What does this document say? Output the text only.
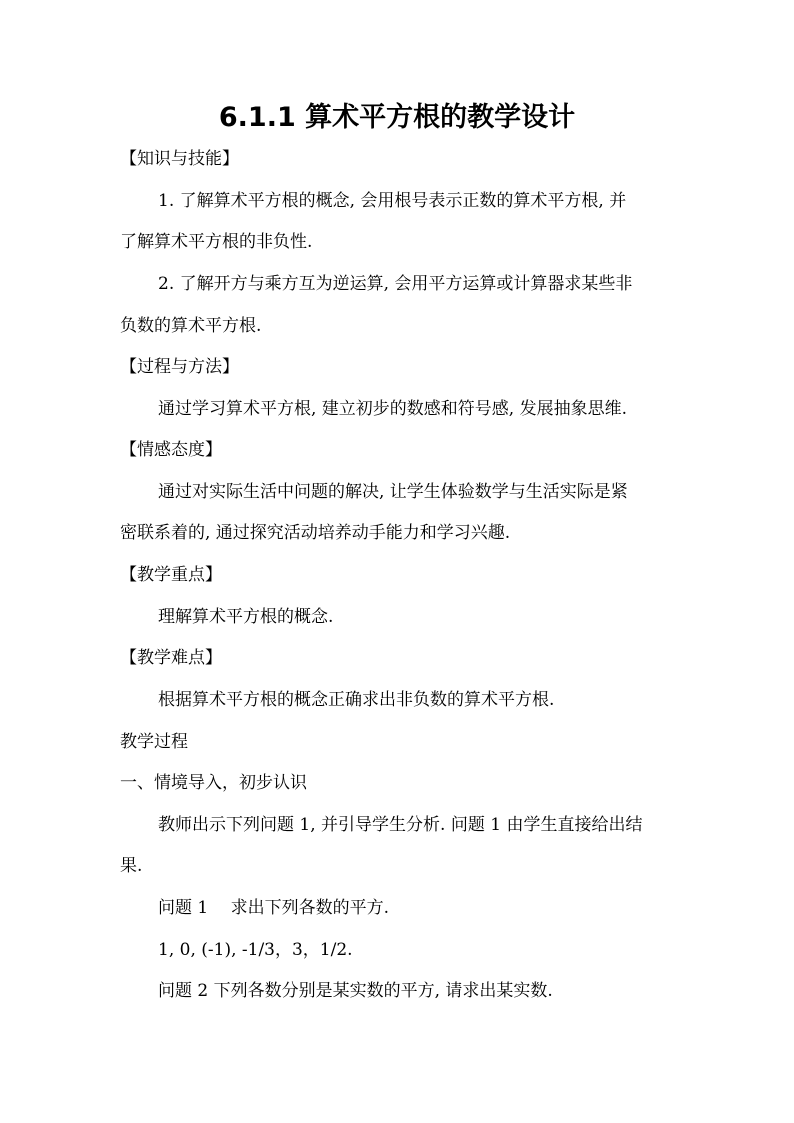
6.1.1 算术平方根的教学设计
【知识与技能】
1. 了解算术平方根的概念, 会用根号表示正数的算术平方根, 并
了解算术平方根的非负性.
2. 了解开方与乘方互为逆运算, 会用平方运算或计算器求某些非
负数的算术平方根.
【过程与方法】
通过学习算术平方根, 建立初步的数感和符号感, 发展抽象思维.
【情感态度】
通过对实际生活中问题的解决, 让学生体验数学与生活实际是紧
密联系着的, 通过探究活动培养动手能力和学习兴趣.
【教学重点】
理解算术平方根的概念.
【教学难点】
根据算术平方根的概念正确求出非负数的算术平方根.
教学过程
一、情境导入，初步认识
教师出示下列问题 1, 并引导学生分析. 问题 1 由学生直接给出结
果.
问题 1　 求出下列各数的平方.
1, 0, (-1), -1/3，3，1/2.
问题 2 下列各数分别是某实数的平方, 请求出某实数.
